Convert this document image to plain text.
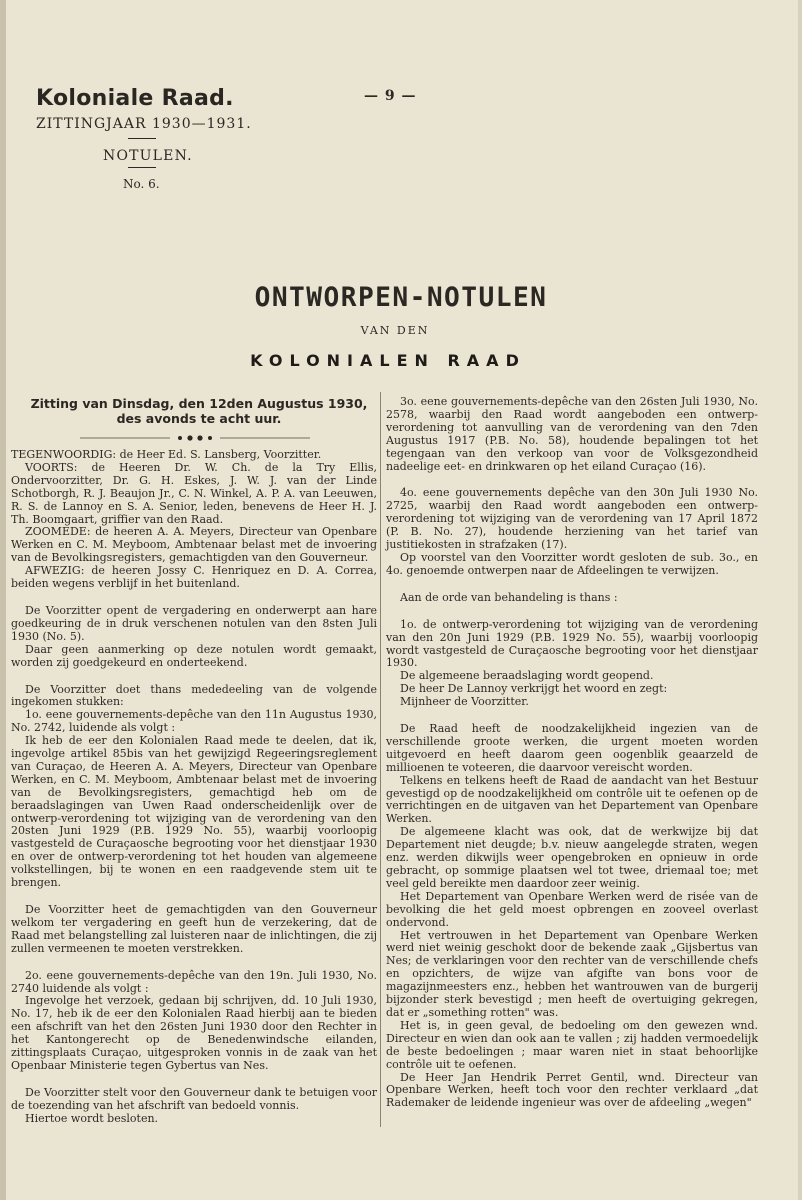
Koloniale Raad.
ZITTINGJAAR 1930—1931.
NOTULEN.
No. 6.
— 9 —
ONTWORPEN-NOTULEN
VAN DEN
KOLONIALEN RAAD
Zitting van Dinsdag, den 12den Augustus 1930, des avonds te acht uur.

TEGENWOORDIG: de Heer Ed. S. Lansberg, Voorzitter.

VOORTS: de Heeren Dr. W. Ch. de la Try Ellis, Ondervoorzitter, Dr. G. H. Eskes, J. W. J. van der Linde Schotborgh, R. J. Beaujon Jr., C. N. Winkel, A. P. A. van Leeuwen, R. S. de Lannoy en S. A. Senior, leden, benevens de Heer H. J. Th. Boomgaart, griffier van den Raad.

ZOOMEDE: de heeren A. A. Meyers, Directeur van Openbare Werken en C. M. Meyboom, Ambtenaar belast met de invoering van de Bevolkingsregisters, gemachtigden van den Gouverneur.

AFWEZIG: de heeren Jossy C. Henriquez en D. A. Correa, beiden wegens verblijf in het buitenland.

De Voorzitter opent de vergadering en onderwerpt aan hare goedkeuring de in druk verschenen notulen van den 8sten Juli 1930 (No. 5).

Daar geen aanmerking op deze notulen wordt gemaakt, worden zij goedgekeurd en onderteekend.

De Voorzitter doet thans mededeeling van de volgende ingekomen stukken:

1o. eene gouvernements-depêche van den 11n Augustus 1930, No. 2742, luidende als volgt :

Ik heb de eer den Kolonialen Raad mede te deelen, dat ik, ingevolge artikel 85bis van het gewijzigd Regeeringsreglement van Curaçao, de Heeren A. A. Meyers, Directeur van Openbare Werken, en C. M. Meyboom, Ambtenaar belast met de invoering van de Bevolkingsregisters, gemachtigd heb om de beraadslagingen van Uwen Raad onderscheidenlijk over de ontwerp-verordening tot wijziging van de verordening van den 20sten Juni 1929 (P.B. 1929 No. 55), waarbij voorloopig vastgesteld de Curaçaosche begrooting voor het dienstjaar 1930 en over de ontwerp-verordening tot het houden van algemeene volkstellingen, bij te wonen en een raadgevende stem uit te brengen.

De Voorzitter heet de gemachtigden van den Gouverneur welkom ter vergadering en geeft hun de verzekering, dat de Raad met belangstelling zal luisteren naar de inlichtingen, die zij zullen vermeenen te moeten verstrekken.

2o. eene gouvernements-depêche van den 19n. Juli 1930, No. 2740 luidende als volgt :

Ingevolge het verzoek, gedaan bij schrijven, dd. 10 Juli 1930, No. 17, heb ik de eer den Kolonialen Raad hierbij aan te bieden een afschrift van het den 26sten Juni 1930 door den Rechter in het Kantongerecht op de Benedenwindsche eilanden, zittingsplaats Curaçao, uitgesproken vonnis in de zaak van het Openbaar Ministerie tegen Gybertus van Nes.

De Voorzitter stelt voor den Gouverneur dank te betuigen voor de toezending van het afschrift van bedoeld vonnis.

Hiertoe wordt besloten.

3o. eene gouvernements-depêche van den 26sten Juli 1930, No. 2578, waarbij den Raad wordt aangeboden een ontwerp-verordening tot aanvulling van de verordening van den 7den Augustus 1917 (P.B. No. 58), houdende bepalingen tot het tegengaan van den verkoop van voor de Volksgezondheid nadeelige eet- en drinkwaren op het eiland Curaçao (16).

4o. eene gouvernements depêche van den 30n Juli 1930 No. 2725, waarbij den Raad wordt aangeboden een ontwerp-verordening tot wijziging van de verordening van 17 April 1872 (P. B. No. 27), houdende herziening van het tarief van justitiekosten in strafzaken (17).

Op voorstel van den Voorzitter wordt gesloten de sub. 3o., en 4o. genoemde ontwerpen naar de Afdeelingen te verwijzen.

Aan de orde van behandeling is thans :

1o. de ontwerp-verordening tot wijziging van de verordening van den 20n Juni 1929 (P.B. 1929 No. 55), waarbij voorloopig wordt vastgesteld de Curaçaosche begrooting voor het dienstjaar 1930.

De algemeene beraadslaging wordt geopend.

De heer De Lannoy verkrijgt het woord en zegt:

Mijnheer de Voorzitter.

De Raad heeft de noodzakelijkheid ingezien van de verschillende groote werken, die urgent moeten worden uitgevoerd en heeft daarom geen oogenblik geaarzeld de millioenen te voteeren, die daarvoor vereischt worden.

Telkens en telkens heeft de Raad de aandacht van het Bestuur gevestigd op de noodzakelijkheid om contrôle uit te oefenen op de verrichtingen en de uitgaven van het Departement van Openbare Werken.

De algemeene klacht was ook, dat de werkwijze bij dat Departement niet deugde; b.v. nieuw aangelegde straten, wegen enz. werden dikwijls weer opengebroken en opnieuw in orde gebracht, op sommige plaatsen wel tot twee, driemaal toe; met veel geld bereikte men daardoor zeer weinig.

Het Departement van Openbare Werken werd de risée van de bevolking die het geld moest opbrengen en zooveel overlast ondervond.

Het vertrouwen in het Departement van Openbare Werken werd niet weinig geschokt door de bekende zaak „Gijsbertus van Nes; de verklaringen voor den rechter van de verschillende chefs en opzichters, de wijze van afgifte van bons voor de magazijnmeesters enz., hebben het wantrouwen van de burgerij bijzonder sterk bevestigd ; men heeft de overtuiging gekregen, dat er „something rotten" was.

Het is, in geen geval, de bedoeling om den gewezen wnd. Directeur en wien dan ook aan te vallen ; zij hadden vermoedelijk de beste bedoelingen ; maar waren niet in staat behoorlijke contrôle uit te oefenen.

De Heer Jan Hendrik Perret Gentil, wnd. Directeur van Openbare Werken, heeft toch voor den rechter verklaard „dat Rademaker de leidende ingenieur was over de afdeeling „wegen"
